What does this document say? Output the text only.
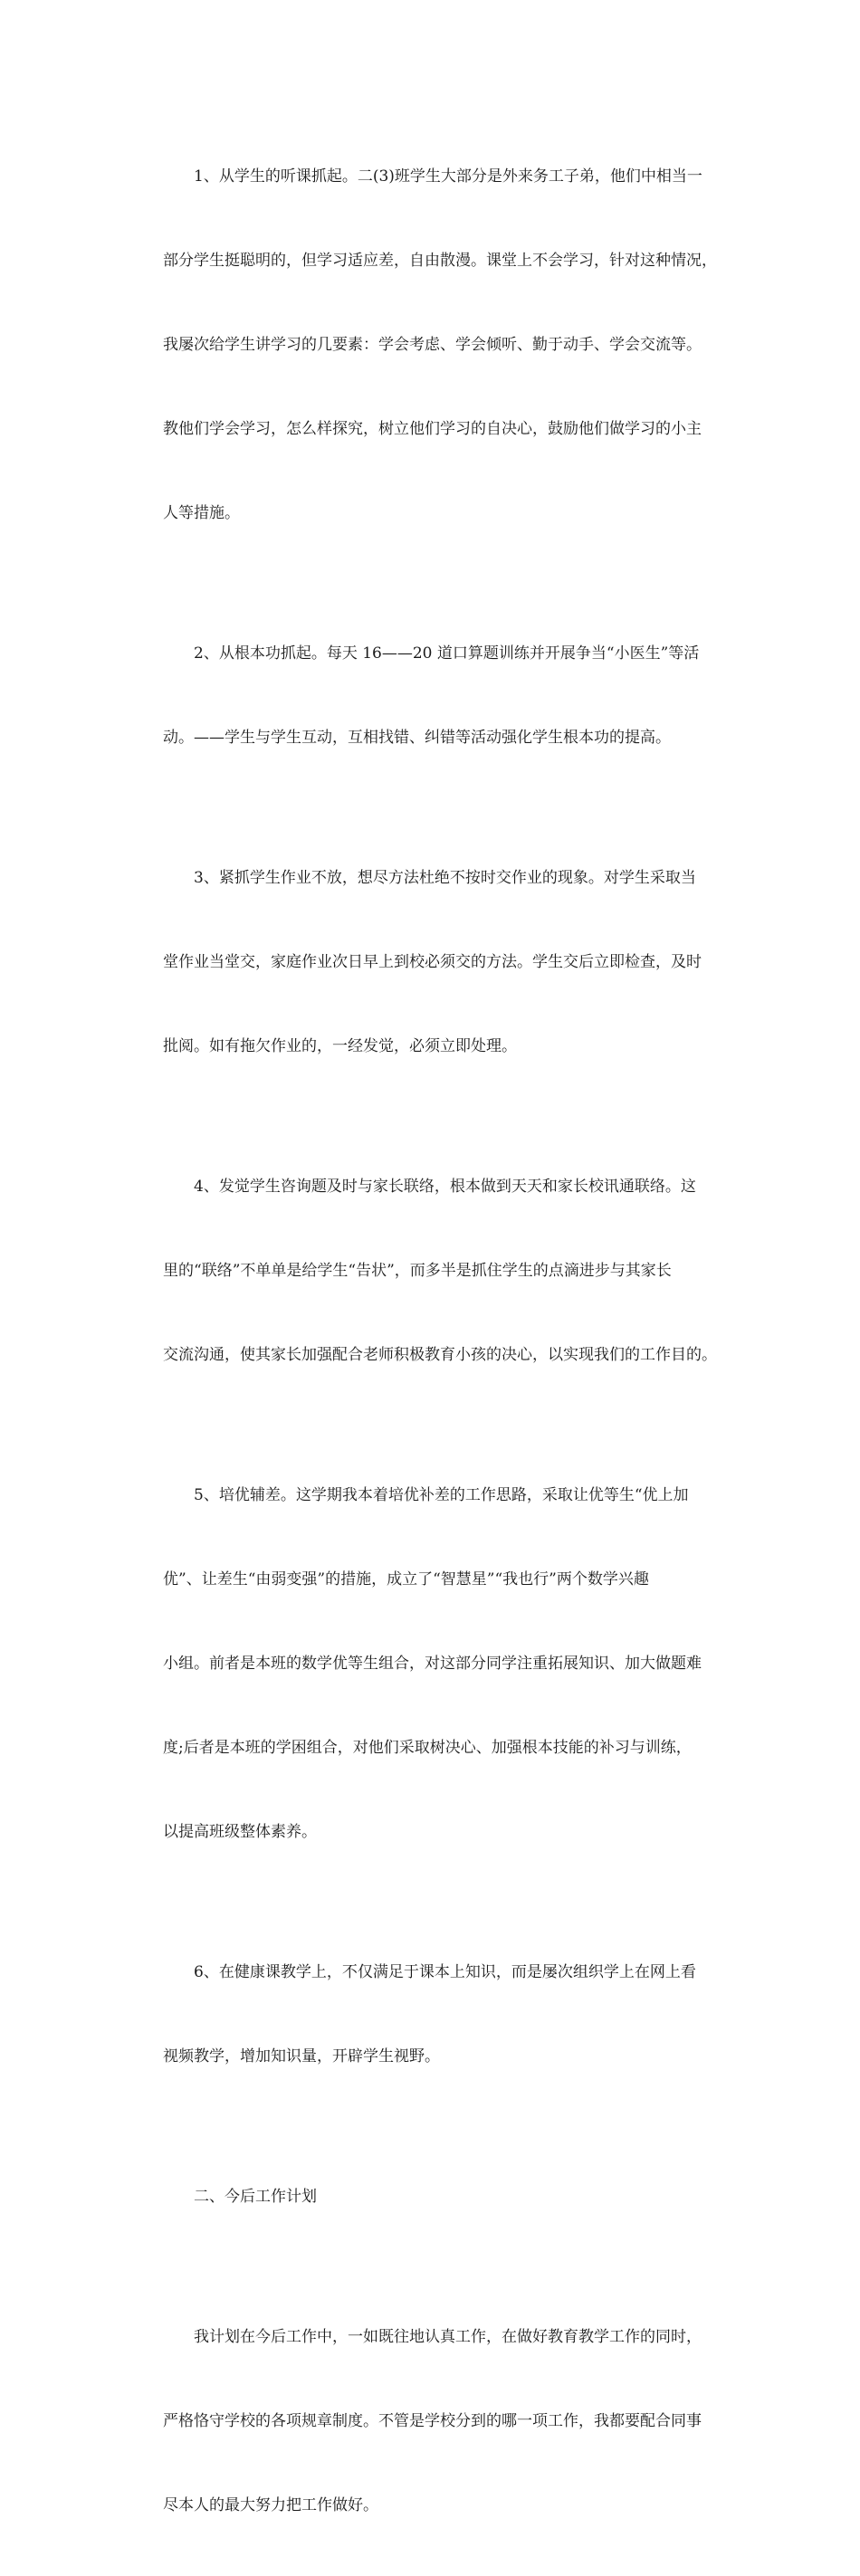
1、从学生的听课抓起。二(3)班学生大部分是外来务工子弟，他们中相当一

部分学生挺聪明的，但学习适应差，自由散漫。课堂上不会学习，针对这种情况，

我屡次给学生讲学习的几要素：学会考虑、学会倾听、勤于动手、学会交流等。

教他们学会学习，怎么样探究，树立他们学习的自决心，鼓励他们做学习的小主

人等措施。

2、从根本功抓起。每天 16——20 道口算题训练并开展争当“小医生”等活

动。——学生与学生互动，互相找错、纠错等活动强化学生根本功的提高。

3、紧抓学生作业不放，想尽方法杜绝不按时交作业的现象。对学生采取当

堂作业当堂交，家庭作业次日早上到校必须交的方法。学生交后立即检查，及时

批阅。如有拖欠作业的，一经发觉，必须立即处理。

4、发觉学生咨询题及时与家长联络，根本做到天天和家长校讯通联络。这

里的“联络”不单单是给学生“告状”，而多半是抓住学生的点滴进步与其家长

交流沟通，使其家长加强配合老师积极教育小孩的决心，以实现我们的工作目的。

5、培优辅差。这学期我本着培优补差的工作思路，采取让优等生“优上加

优”、让差生“由弱变强”的措施，成立了“智慧星”“我也行”两个数学兴趣

小组。前者是本班的数学优等生组合，对这部分同学注重拓展知识、加大做题难

度;后者是本班的学困组合，对他们采取树决心、加强根本技能的补习与训练，

以提高班级整体素养。

6、在健康课教学上，不仅满足于课本上知识，而是屡次组织学上在网上看

视频教学，增加知识量，开辟学生视野。

二、今后工作计划

我计划在今后工作中，一如既往地认真工作，在做好教育教学工作的同时，

严格恪守学校的各项规章制度。不管是学校分到的哪一项工作，我都要配合同事

尽本人的最大努力把工作做好。
